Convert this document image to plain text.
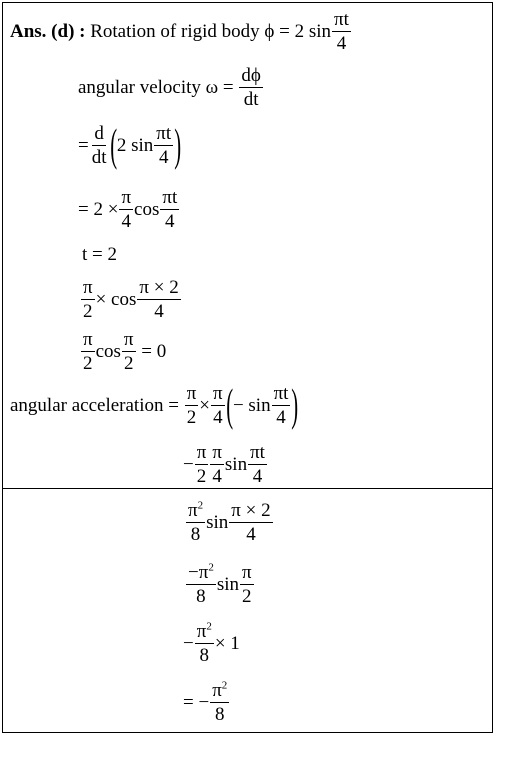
Ans. (d) :
Rotation of rigid body
ϕ = 2 $\sin \frac{\pi t}{4}$
angular velocity ω =
$\frac{d\phi}{dt}$
= $\frac{d}{dt}$ ( 2 $\sin \frac{\pi t}{4}$ )
=
$2 \times \frac{\pi}{4}$ $\cos \frac{\pi t}{4}$
t = 2
$\frac{\pi}{2} \times \cos \frac{\pi \times 2}{4}$
$\frac{\pi}{2}$ $\cos \frac{\pi}{2}$
= 0
angular acceleration =
$\frac{\pi}{2} \times \frac{\pi}{4}$ ( − $\sin \frac{\pi t}{4}$ )
− $\frac{\pi}{2} \frac{\pi}{4}$ $\sin \frac{\pi t}{4}$
$\frac{\pi^2}{8}$ $\sin \frac{\pi \times 2}{4}$
$\frac{-\pi^2}{8}$ $\sin \frac{\pi}{2}$
− $\frac{\pi^2}{8} \times 1$
= − $\frac{\pi^2}{8}$
